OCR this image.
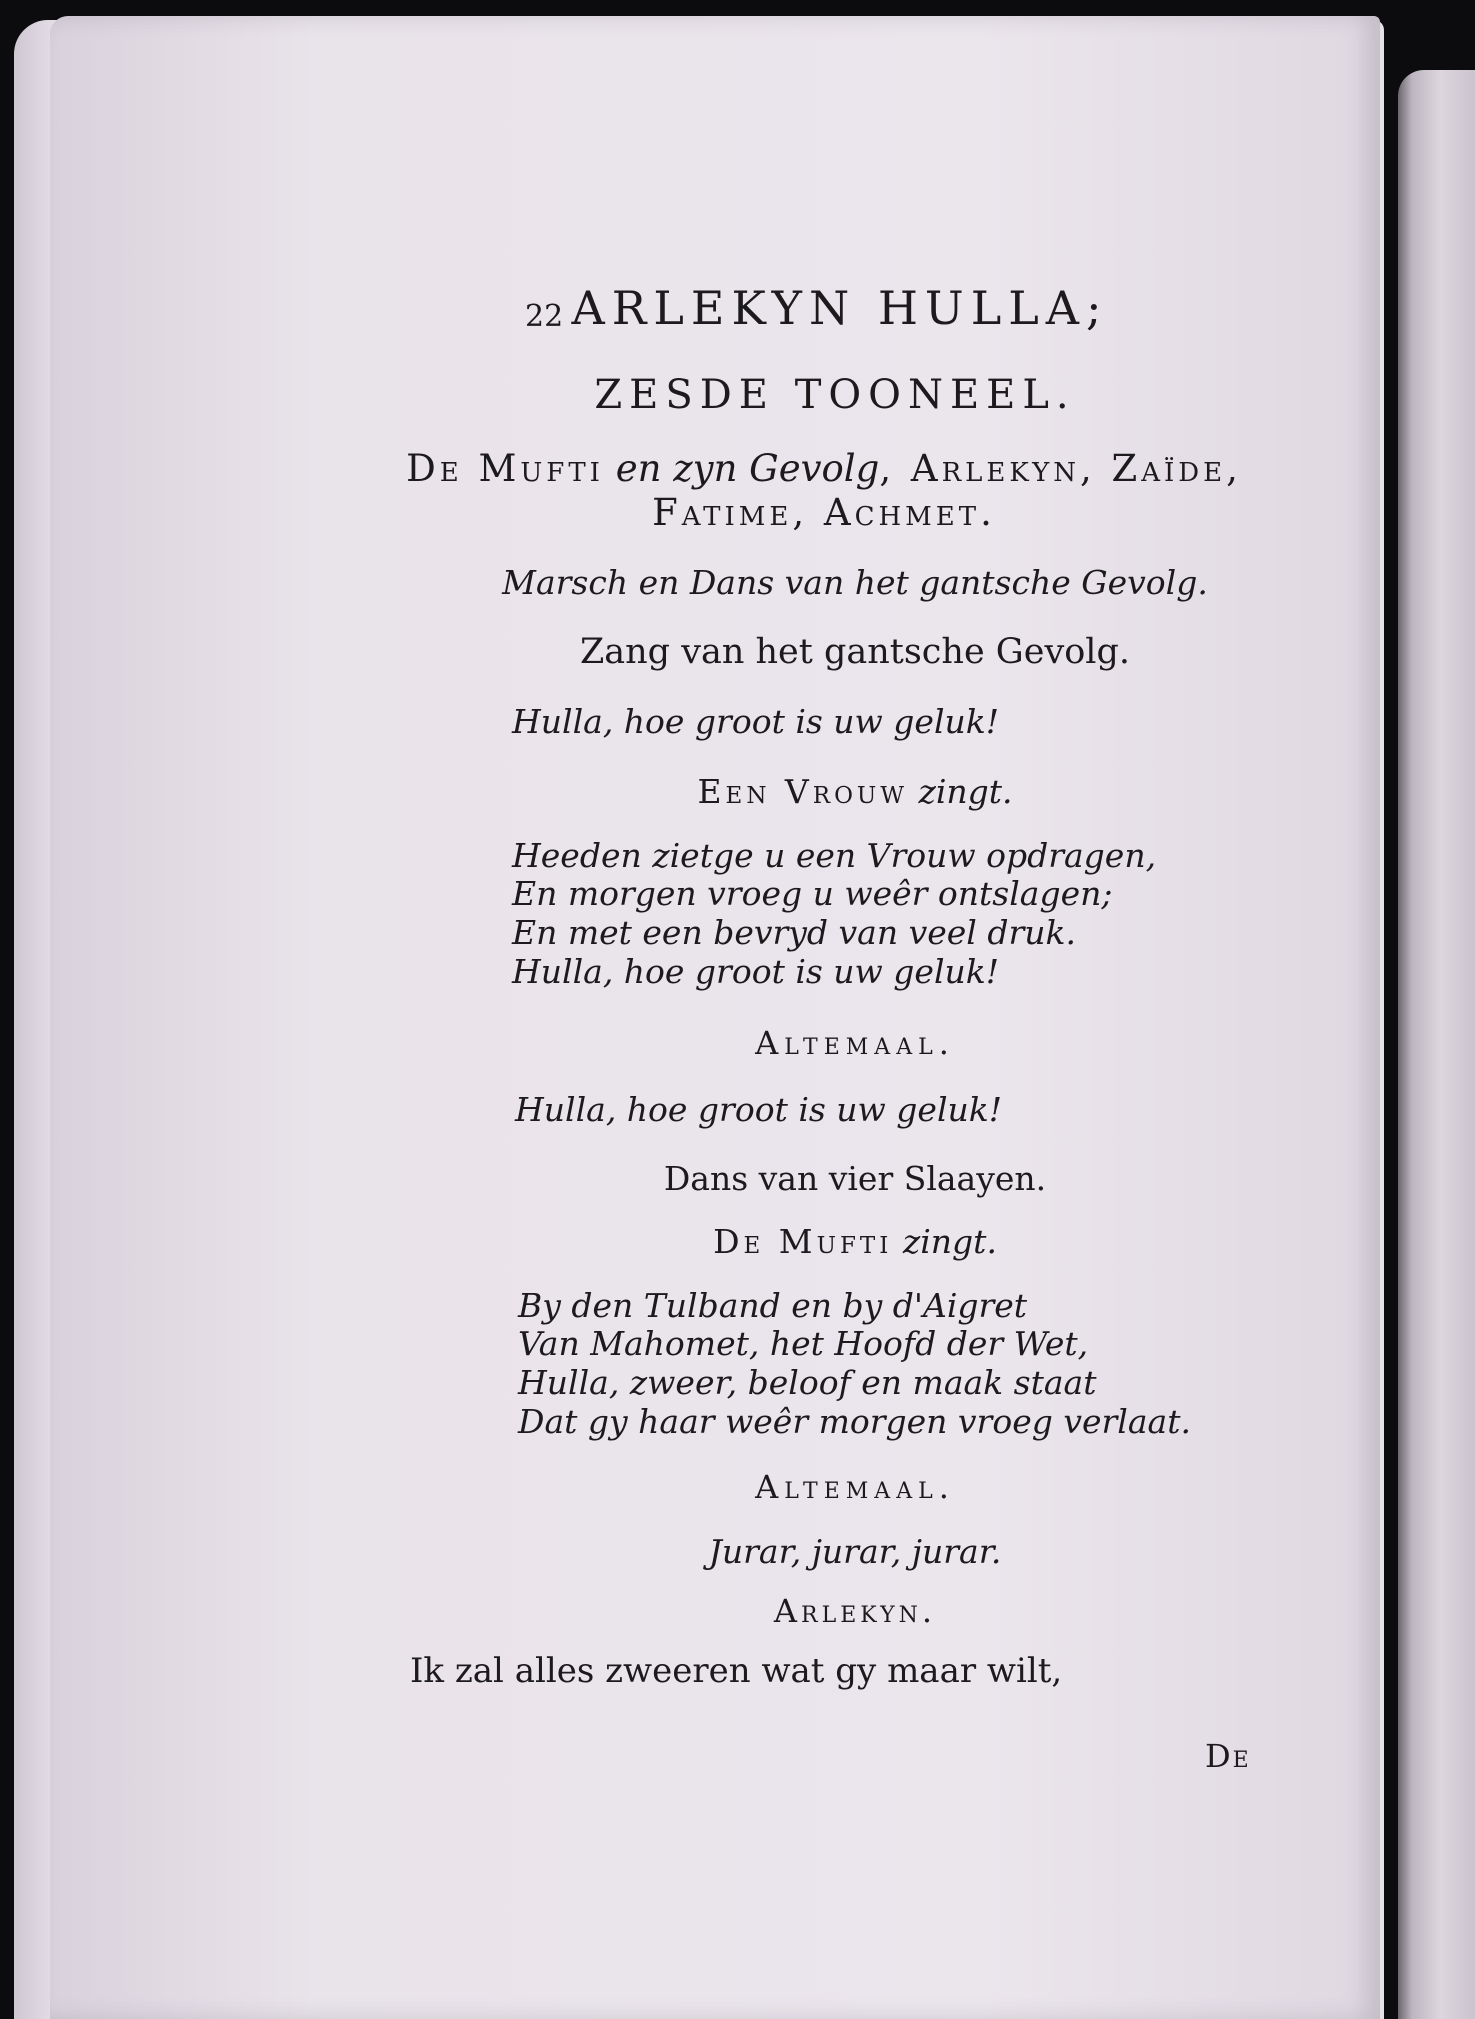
22 ARLEKYN HULLA;
ZESDE TOONEEL.
De Mufti en zyn Gevolg, Arlekyn, Zaïde,
Fatime, Achmet.
Marsch en Dans van het gantsche Gevolg.
Zang van het gantsche Gevolg.
Hulla, hoe groot is uw geluk!
Een Vrouw zingt.
Heeden zietge u een Vrouw opdragen,
En morgen vroeg u weêr ontslagen;
En met een bevryd van veel druk.
Hulla, hoe groot is uw geluk!
Altemaal.
Hulla, hoe groot is uw geluk!
Dans van vier Slaayen.
De Mufti zingt.
By den Tulband en by d'Aigret
Van Mahomet, het Hoofd der Wet,
Hulla, zweer, beloof en maak staat
Dat gy haar weêr morgen vroeg verlaat.
Altemaal.
Jurar, jurar, jurar.
Arlekyn.
Ik zal alles zweeren wat gy maar wilt,
De
